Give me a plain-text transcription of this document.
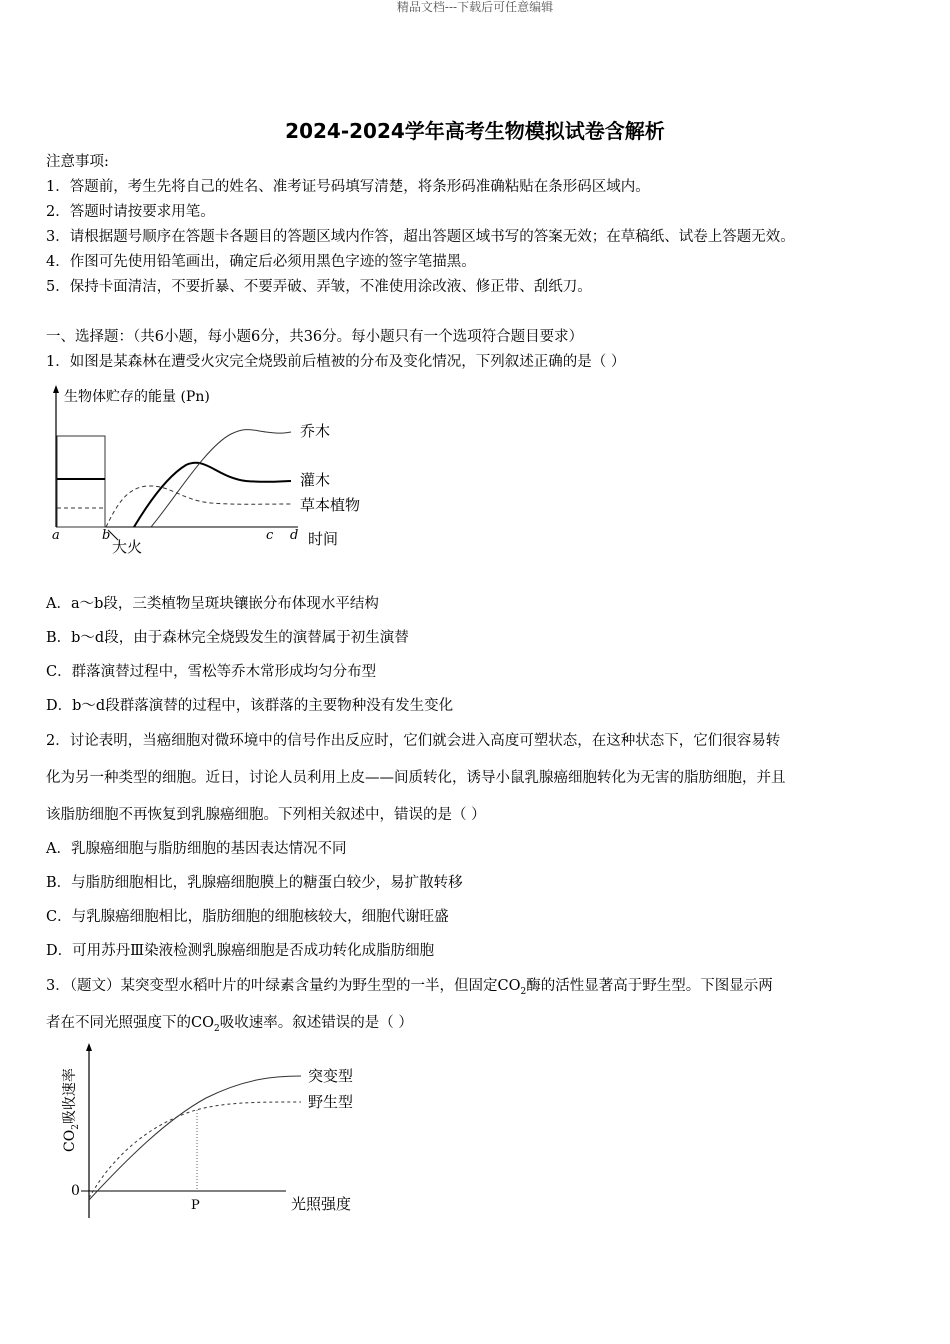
精品文档---下载后可任意编辑
2024-2024学年高考生物模拟试卷含解析
注意事项:
1．答题前，考生先将自己的姓名、准考证号码填写清楚，将条形码准确粘贴在条形码区域内。
2．答题时请按要求用笔。
3．请根据题号顺序在答题卡各题目的答题区域内作答，超出答题区域书写的答案无效；在草稿纸、试卷上答题无效。
4．作图可先使用铅笔画出，确定后必须用黑色字迹的签字笔描黑。
5．保持卡面清洁，不要折暴、不要弄破、弄皱，不准使用涂改液、修正带、刮纸刀。
一、选择题：（共6小题，每小题6分，共36分。每小题只有一个选项符合题目要求）
1．如图是某森林在遭受火灾完全烧毁前后植被的分布及变化情况，下列叙述正确的是（ ）
生物体贮存的能量 (Pn)
乔木
灌木
草本植物
a	b	c d 时间
大火
A．a～b段，三类植物呈斑块镶嵌分布体现水平结构
B．b～d段，由于森林完全烧毁发生的演替属于初生演替
C．群落演替过程中，雪松等乔木常形成均匀分布型
D．b～d段群落演替的过程中，该群落的主要物种没有发生变化
2．讨论表明，当癌细胞对微环境中的信号作出反应时，它们就会进入高度可塑状态，在这种状态下，它们很容易转
化为另一种类型的细胞。近日，讨论人员利用上皮——间质转化，诱导小鼠乳腺癌细胞转化为无害的脂肪细胞，并且
该脂肪细胞不再恢复到乳腺癌细胞。下列相关叙述中，错误的是（ ）
A．乳腺癌细胞与脂肪细胞的基因表达情况不同
B．与脂肪细胞相比，乳腺癌细胞膜上的糖蛋白较少，易扩散转移
C．与乳腺癌细胞相比，脂肪细胞的细胞核较大，细胞代谢旺盛
D．可用苏丹Ⅲ染液检测乳腺癌细胞是否成功转化成脂肪细胞
3．（题文）某突变型水稻叶片的叶绿素含量约为野生型的一半，但固定$CO_2$酶的活性显著高于野生型。下图显示两
者在不同光照强度下的$CO_2$吸收速率。叙述错误的是（ ）
$CO_2$吸收速率
0
P
突变型
野生型
光照强度
